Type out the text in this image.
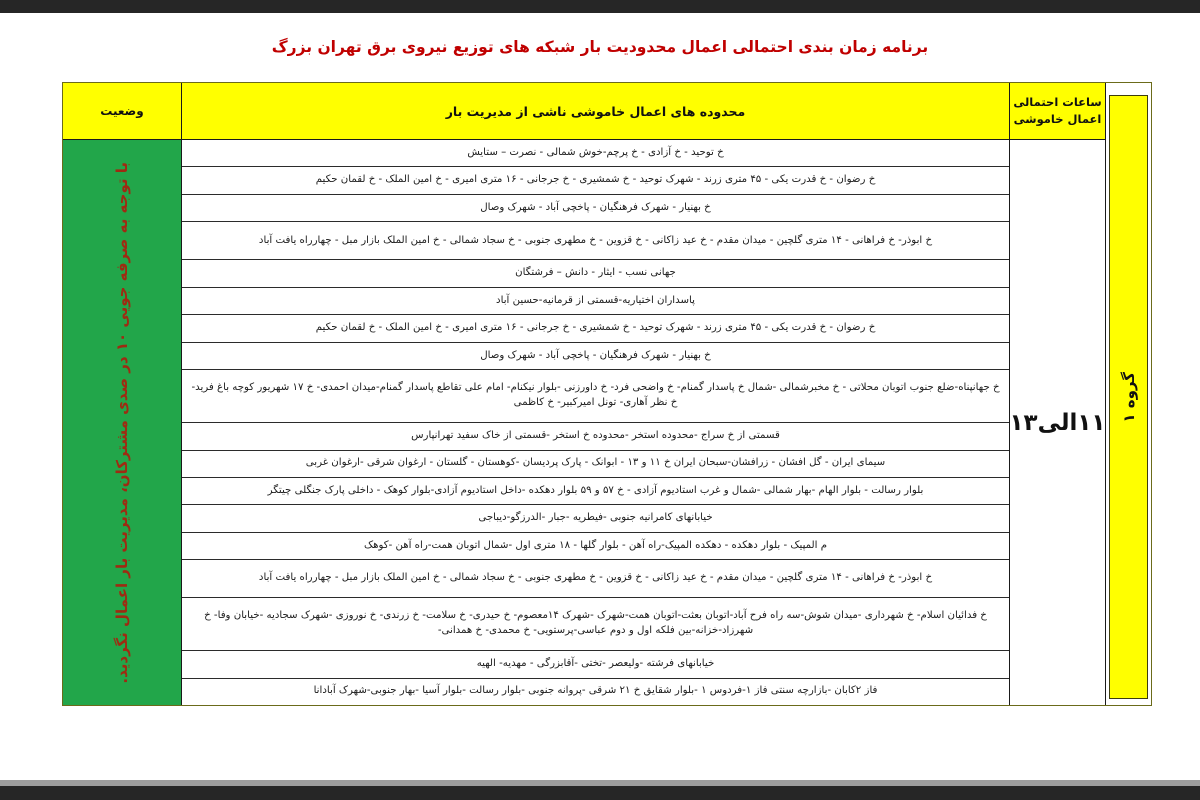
برنامه زمان بندی احتمالی اعمال محدودیت بار شبکه های توزیع نیروی برق تهران بزرگ
گروه ۱
ساعات احتمالی
اعمال خاموشی
۱۱الی۱۳
محدوده های اعمال خاموشی ناشی از مدیریت بار
خ توحید - خ آزادی - خ پرچم-خوش شمالی - نصرت – ستایش
خ رضوان - خ قدرت یکی - ۴۵ متری زرند - شهرک توحید - خ شمشیری - خ جرجانی - ۱۶ متری امیری - خ امین الملک - خ لقمان حکیم
خ بهنیار - شهرک فرهنگیان - پاخچی آباد - شهرک وصال
خ ابوذر- خ فراهانی - ۱۴ متری گلچین - میدان مقدم - خ عید زاکانی - خ قزوین - خ مطهری جنوبی - خ سجاد شمالی - خ امین الملک بازار مبل - چهارراه یافت آباد
جهانی نسب - ایثار - دانش – فرشتگان
پاسداران اختیاریه-قسمتی از قرمانیه-حسین آباد
خ رضوان - خ قدرت یکی - ۴۵ متری زرند - شهرک توحید - خ شمشیری - خ جرجانی - ۱۶ متری امیری - خ امین الملک - خ لقمان حکیم
خ بهنیار - شهرک فرهنگیان - پاخچی آباد - شهرک وصال
خ جهانپناه-ضلع جنوب اتوبان محلاتی - خ مخبرشمالی -شمال خ پاسدار گمنام- خ واضحی فرد- خ داورزنی -بلوار نیکنام- امام علی تقاطع پاسدار گمنام-میدان احمدی- خ ۱۷ شهریور کوچه باغ فرید- خ نظر آهاری- تونل امیرکبیر- خ کاظمی
قسمتی از خ سراج -محدوده استخر -محدوده خ استخر -قسمتی از خاک سفید تهرانپارس
سیمای ایران - گل افشان - زرافشان-سبحان ایران خ ۱۱ و ۱۳ - ابوانک - پارک پردیسان -کوهستان - گلستان - ارغوان شرقی -ارغوان غربی
بلوار رسالت - بلوار الهام -بهار شمالی -شمال و غرب استادیوم آزادی - خ ۵۷ و ۵۹ بلوار دهکده -داخل استادیوم آزادی-بلوار کوهک - داخلی پارک جنگلی چیتگر
خیابانهای کامرانیه جنوبی -فیطریه -جبار -الدرزگو-دیباجی
م المپیک - بلوار دهکده - دهکده المپیک-راه آهن - بلوار گلها - ۱۸ متری اول -شمال اتوبان همت-راه آهن -کوهک
خ ابوذر- خ فراهانی - ۱۴ متری گلچین - میدان مقدم - خ عید زاکانی - خ قزوین - خ مطهری جنوبی - خ سجاد شمالی - خ امین الملک بازار مبل - چهارراه یافت آباد
خ فدائیان اسلام- خ شهرداری -میدان شوش-سه راه فرح آباد-اتوبان بعثت-اتوبان همت-شهرک -شهرک ۱۴معصوم- خ حیدری- خ سلامت- خ زرندی- خ نوروزی -شهرک سجادیه -خیابان وفا- خ شهرزاد-خزانه-بین فلکه اول و دوم عباسی-پرستویی- خ محمدی- خ همدانی-
خیابانهای فرشته -ولیعصر -تختی -آقابزرگی - مهدیه- الهیه
فاز ۲کابان -بازارچه سنتی فاز ۱-فردوس ۱ -بلوار شقایق خ ۲۱ شرقی -پروانه جنوبی -بلوار رسالت -بلوار آسیا -بهار جنوبی-شهرک آبادانا
وضعیت
با توجه به صرفه جویی ۱۰ در صدی مشترکان، مدیریت بار اعمال نگردید.
